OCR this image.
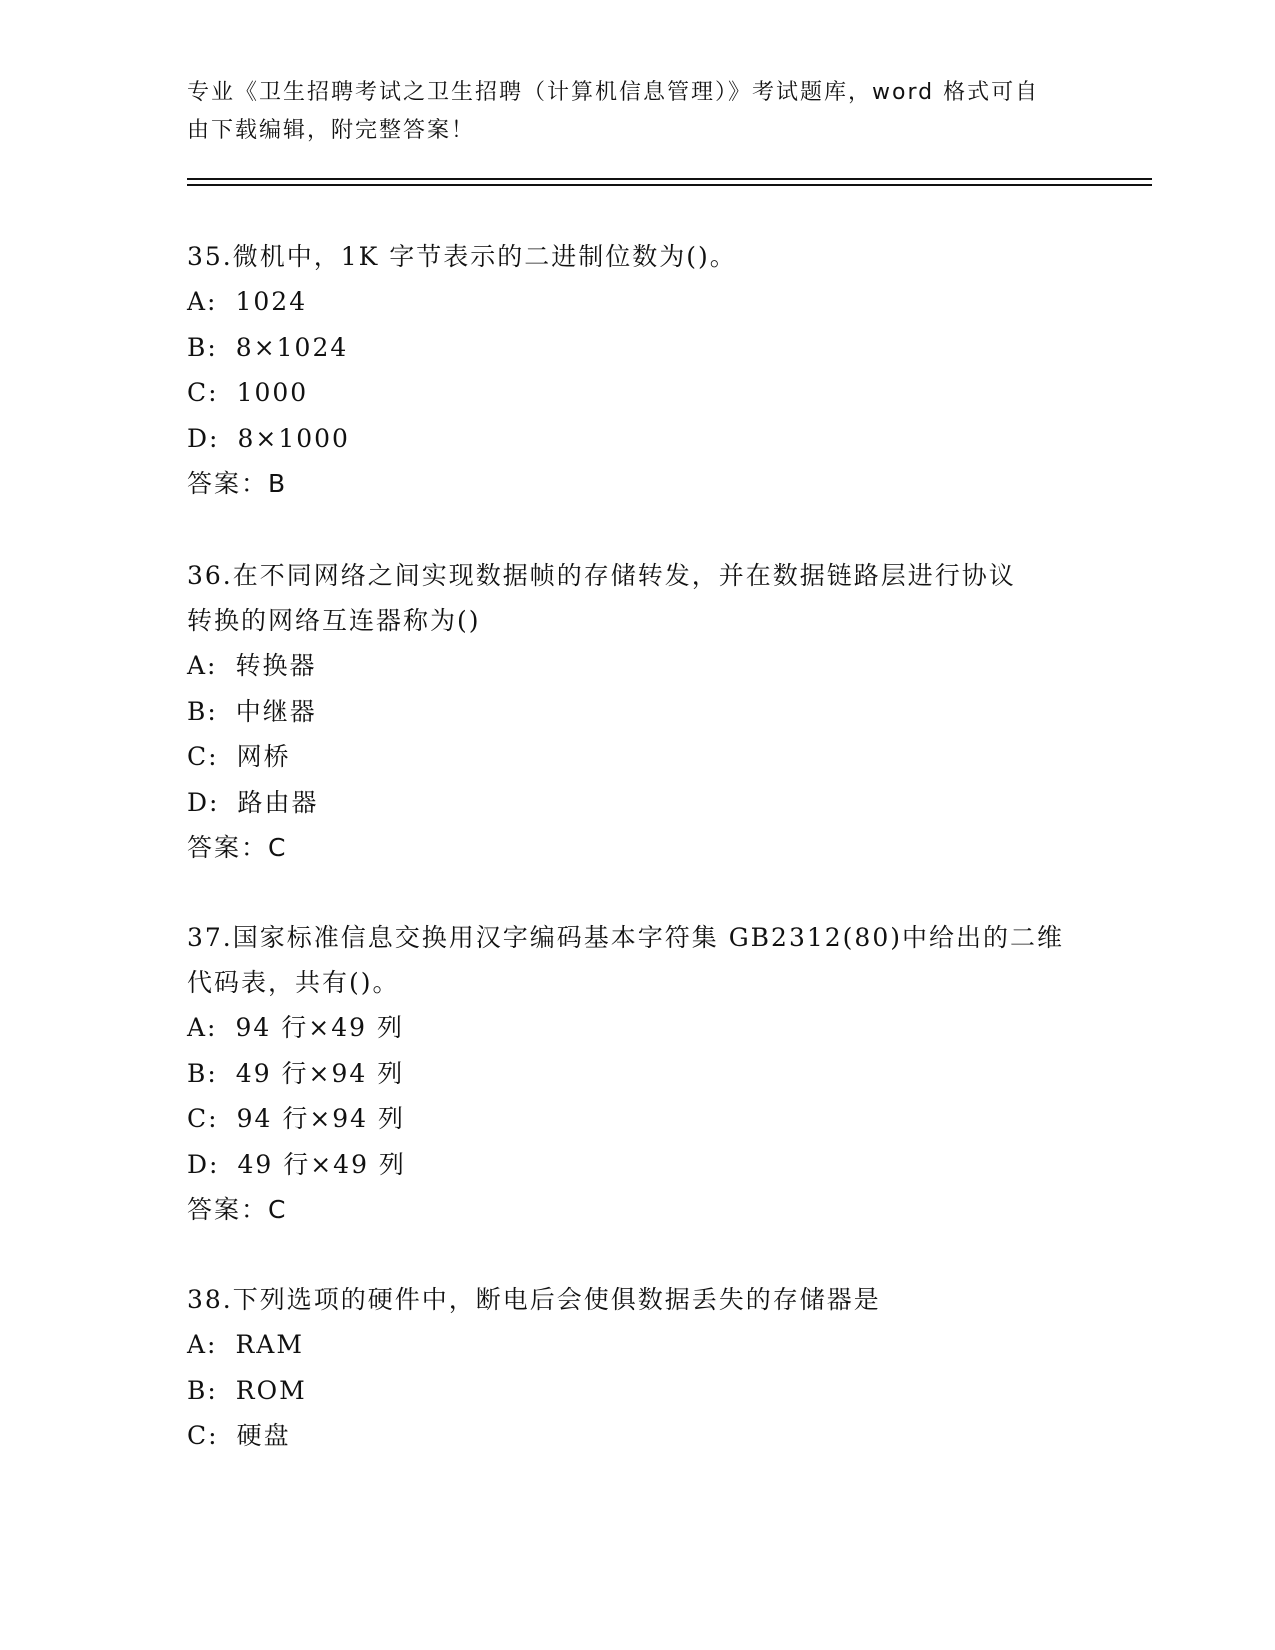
专业《卫生招聘考试之卫生招聘（计算机信息管理）》考试题库，word 格式可自
由下载编辑，附完整答案！

35.微机中，1K 字节表示的二进制位数为()。

A: 1024

B: 8×1024

C: 1000

D: 8×1000

答案：B

36.在不同网络之间实现数据帧的存储转发，并在数据链路层进行协议

转换的网络互连器称为()

A: 转换器

B: 中继器

C: 网桥

D: 路由器

答案：C

37.国家标准信息交换用汉字编码基本字符集 GB2312(80)中给出的二维

代码表，共有()。

A: 94 行×49 列

B: 49 行×94 列

C: 94 行×94 列

D: 49 行×49 列

答案：C

38.下列选项的硬件中，断电后会使俱数据丢失的存储器是

A: RAM

B: ROM

C: 硬盘
